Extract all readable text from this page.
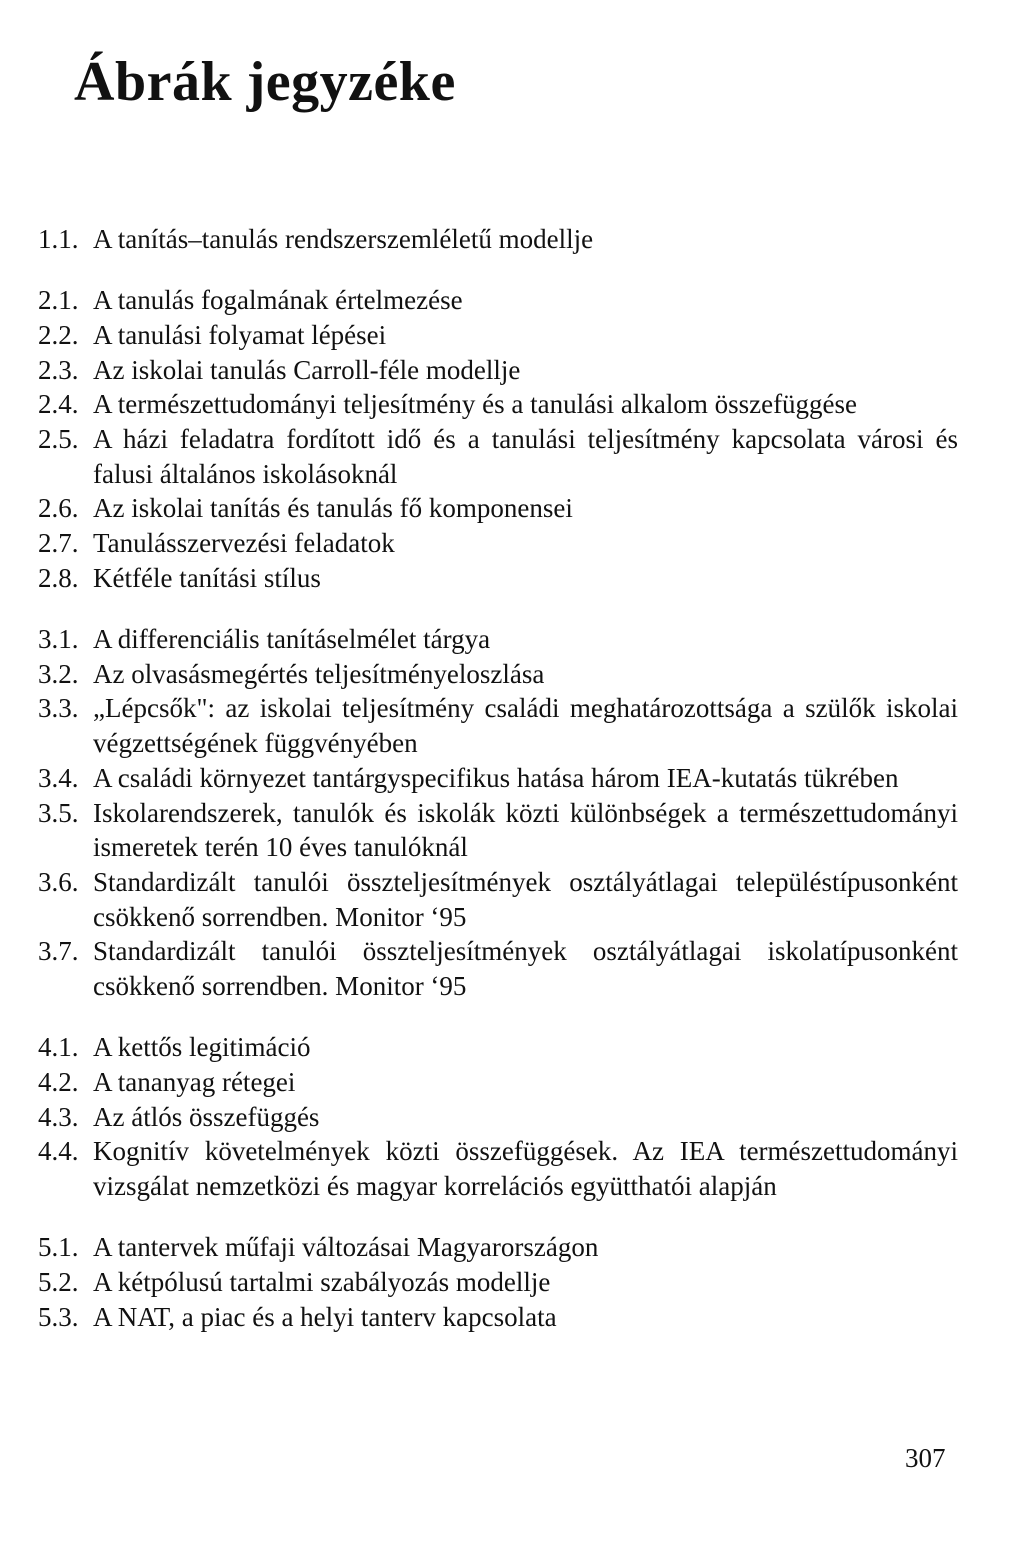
Ábrák jegyzéke
1.1. A tanítás–tanulás rendszerszemléletű modellje
2.1. A tanulás fogalmának értelmezése
2.2. A tanulási folyamat lépései
2.3. Az iskolai tanulás Carroll-féle modellje
2.4. A természettudományi teljesítmény és a tanulási alkalom összefüggése
2.5. A házi feladatra fordított idő és a tanulási teljesítmény kapcsolata városi és falusi általános iskolásoknál
2.6. Az iskolai tanítás és tanulás fő komponensei
2.7. Tanulásszervezési feladatok
2.8. Kétféle tanítási stílus
3.1. A differenciális tanításelmélet tárgya
3.2. Az olvasásmegértés teljesítményeloszlása
3.3. „Lépcsők": az iskolai teljesítmény családi meghatározottsága a szülők iskolai végzettségének függvényében
3.4. A családi környezet tantárgyspecifikus hatása három IEA-kutatás tükrében
3.5. Iskolarendszerek, tanulók és iskolák közti különbségek a természettudományi ismeretek terén 10 éves tanulóknál
3.6. Standardizált tanulói összteljesítmények osztályátlagai településtípusonként csökkenő sorrendben. Monitor ‘95
3.7. Standardizált tanulói összteljesítmények osztályátlagai iskolatípusonként csökkenő sorrendben. Monitor ‘95
4.1. A kettős legitimáció
4.2. A tananyag rétegei
4.3. Az átlós összefüggés
4.4. Kognitív követelmények közti összefüggések. Az IEA természettudományi vizsgálat nemzetközi és magyar korrelációs együtthatói alapján
5.1. A tantervek műfaji változásai Magyarországon
5.2. A kétpólusú tartalmi szabályozás modellje
5.3. A NAT, a piac és a helyi tanterv kapcsolata
307
